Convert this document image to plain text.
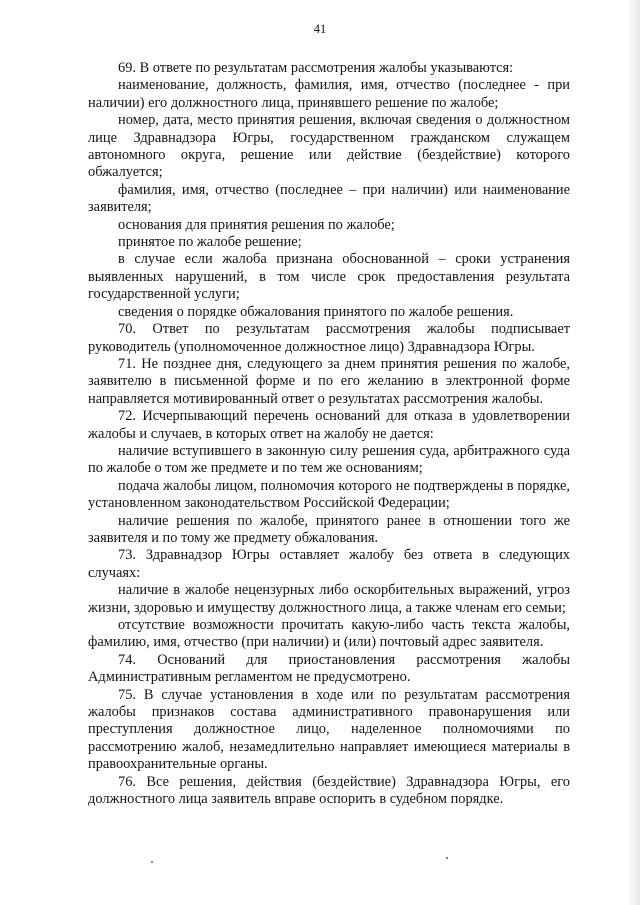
41

69. В ответе по результатам рассмотрения жалобы указываются:

наименование, должность, фамилия, имя, отчество (последнее - при наличии) его должностного лица, принявшего решение по жалобе;

номер, дата, место принятия решения, включая сведения о должностном лице Здравнадзора Югры, государственном гражданском служащем автономного округа, решение или действие (бездействие) которого обжалуется;

фамилия, имя, отчество (последнее – при наличии) или наименование заявителя;

основания для принятия решения по жалобе;

принятое по жалобе решение;

в случае если жалоба признана обоснованной – сроки устранения выявленных нарушений, в том числе срок предоставления результата государственной услуги;

сведения о порядке обжалования принятого по жалобе решения.

70. Ответ по результатам рассмотрения жалобы подписывает руководитель (уполномоченное должностное лицо) Здравнадзора Югры.

71. Не позднее дня, следующего за днем принятия решения по жалобе, заявителю в письменной форме и по его желанию в электронной форме направляется мотивированный ответ о результатах рассмотрения жалобы.

72. Исчерпывающий перечень оснований для отказа в удовлетворении жалобы и случаев, в которых ответ на жалобу не дается:

наличие вступившего в законную силу решения суда, арбитражного суда по жалобе о том же предмете и по тем же основаниям;

подача жалобы лицом, полномочия которого не подтверждены в порядке, установленном законодательством Российской Федерации;

наличие решения по жалобе, принятого ранее в отношении того же заявителя и по тому же предмету обжалования.

73. Здравнадзор Югры оставляет жалобу без ответа в следующих случаях:

наличие в жалобе нецензурных либо оскорбительных выражений, угроз жизни, здоровью и имуществу должностного лица, а также членам его семьи;

отсутствие возможности прочитать какую-либо часть текста жалобы, фамилию, имя, отчество (при наличии) и (или) почтовый адрес заявителя.

74. Оснований для приостановления рассмотрения жалобы Административным регламентом не предусмотрено.

75. В случае установления в ходе или по результатам рассмотрения жалобы признаков состава административного правонарушения или преступления должностное лицо, наделенное полномочиями по рассмотрению жалоб, незамедлительно направляет имеющиеся материалы в правоохранительные органы.

76. Все решения, действия (бездействие) Здравнадзора Югры, его должностного лица заявитель вправе оспорить в судебном порядке.
